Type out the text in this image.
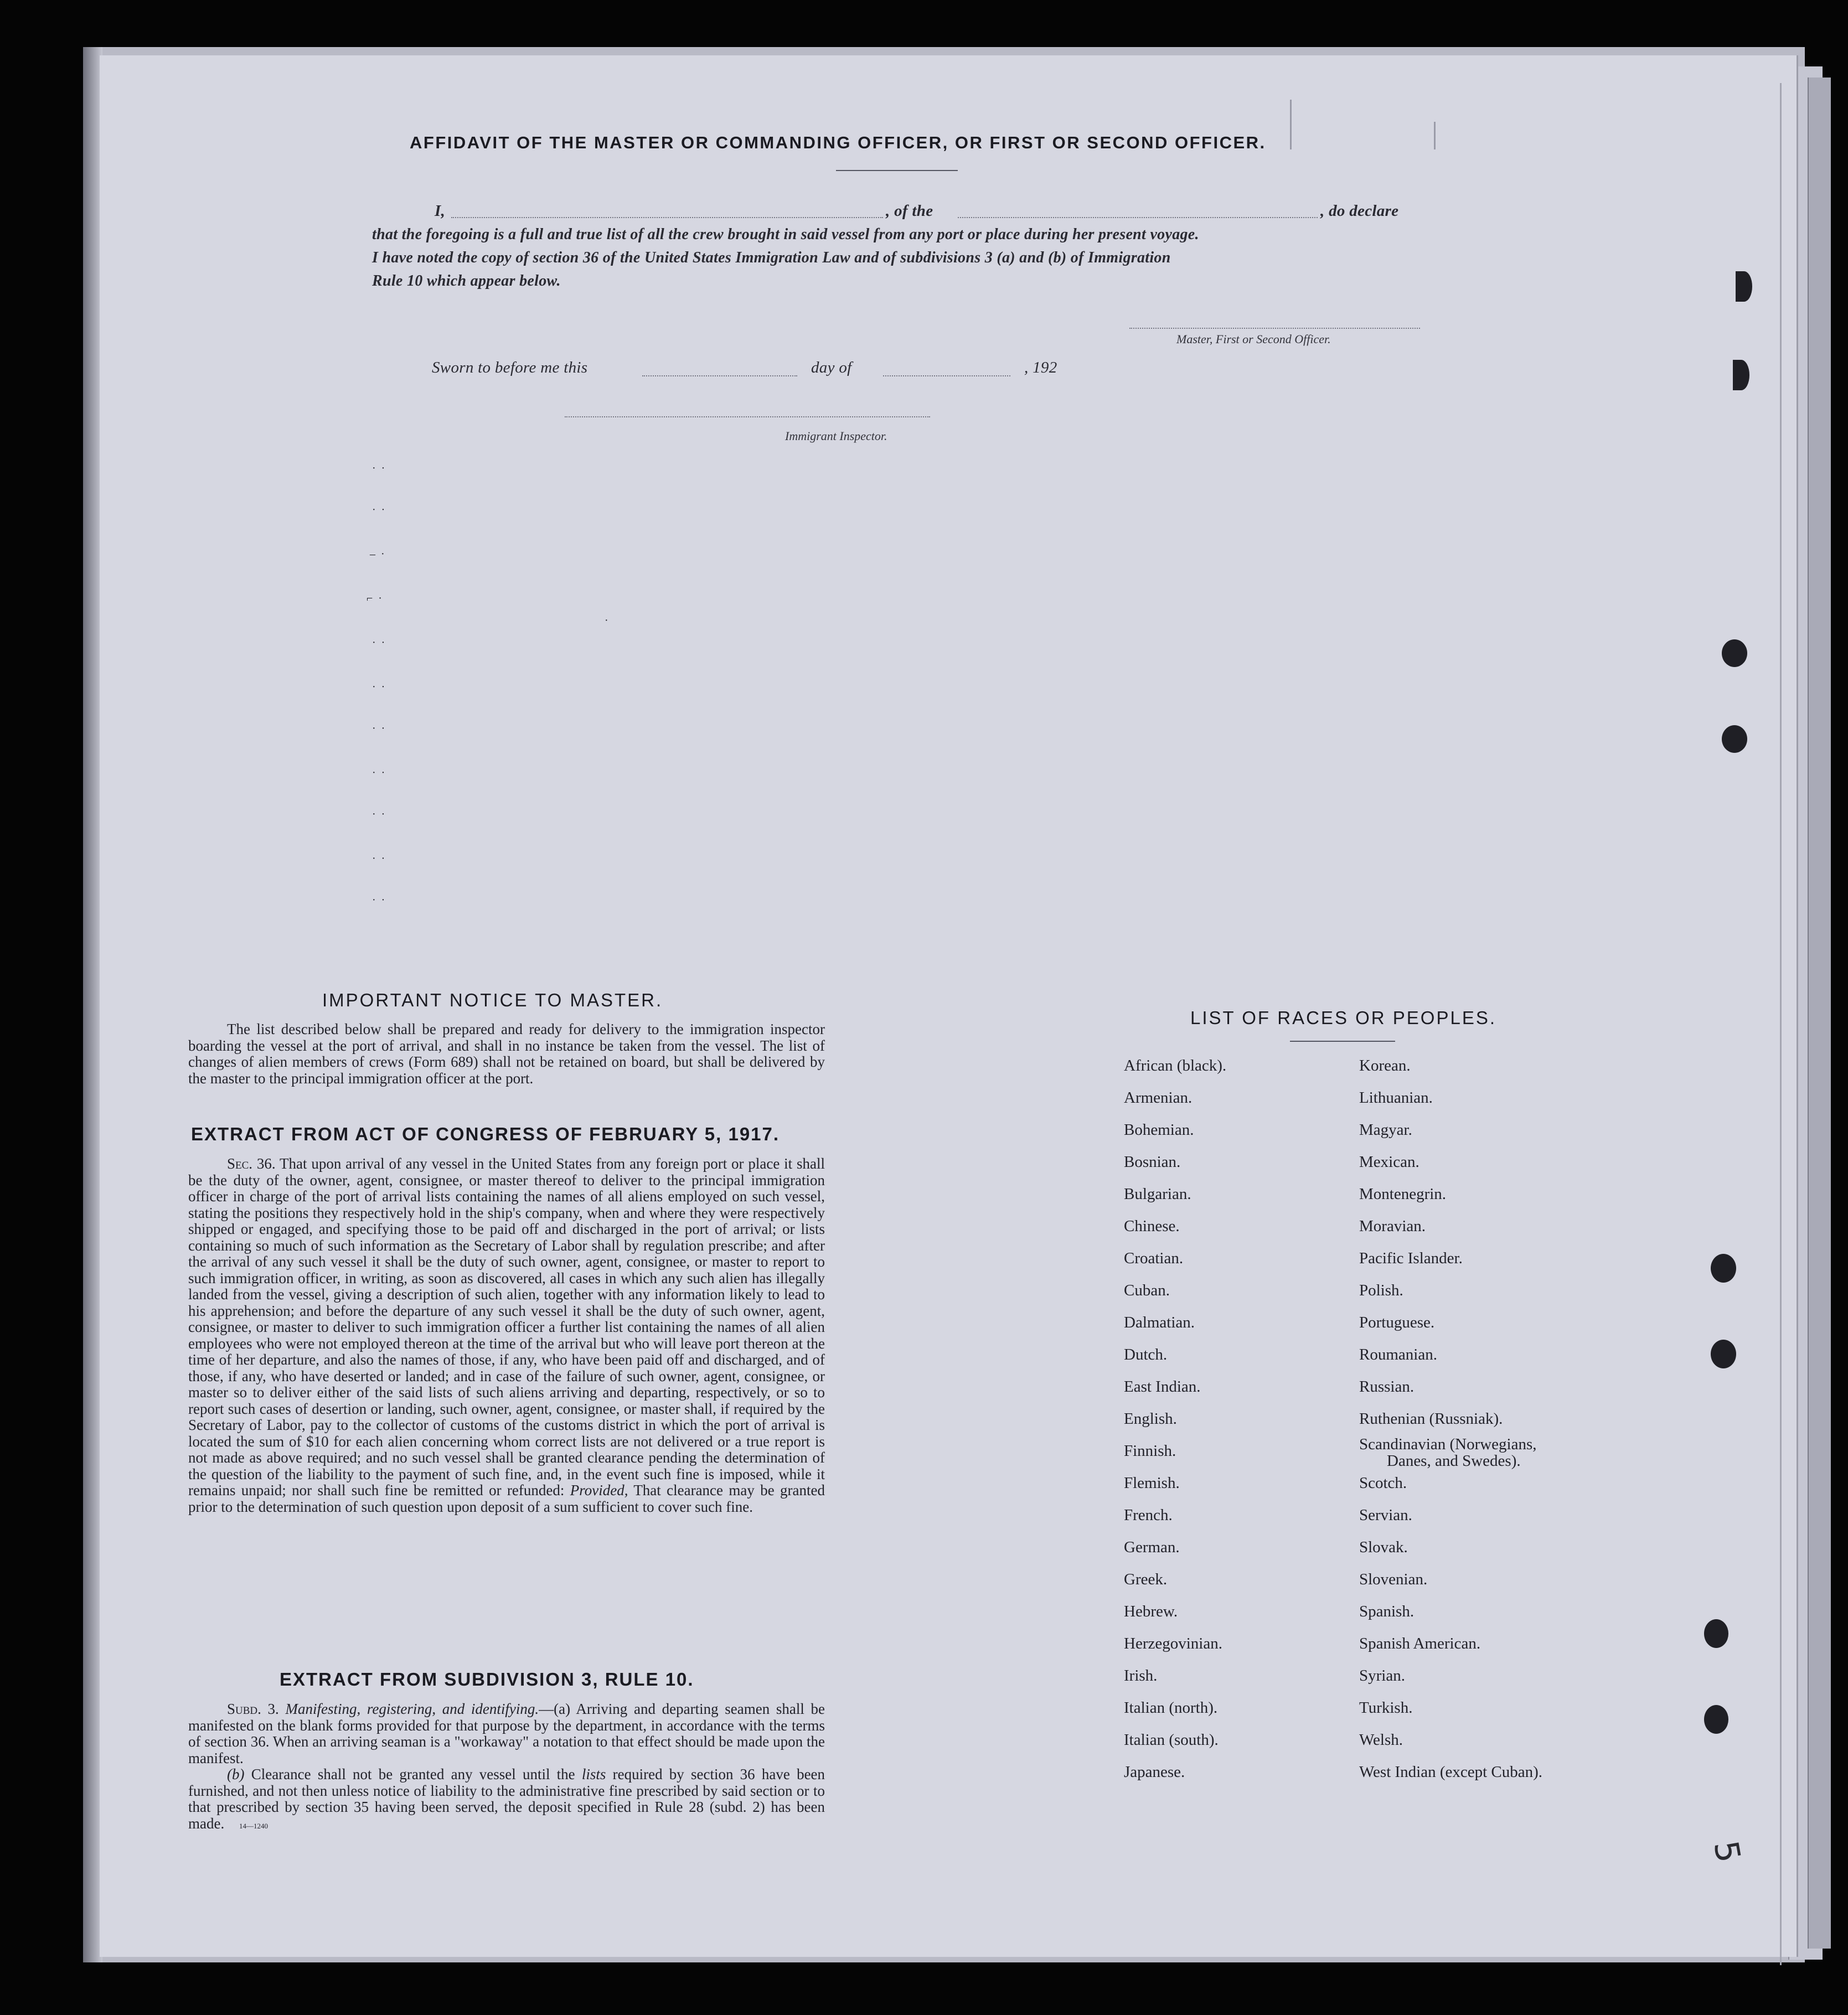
AFFIDAVIT OF THE MASTER OR COMMANDING OFFICER, OR FIRST OR SECOND OFFICER.
I,	, of the	, do declare
that the foregoing is a full and true list of all the crew brought in said vessel from any port or place during her present voyage.
I have noted the copy of section 36 of the United States Immigration Law and of subdivisions 3 (a) and (b) of Immigration
Rule 10 which appear below.
Master, First or Second Officer.
Sworn to before me this	day of	, 192
Immigrant Inspector.
·  ·
·  ·
–  ·
⌐  ·
·
·  ·
·  ·
·  ·
·  ·
·  ·
·  ·
·  ·
IMPORTANT NOTICE TO MASTER.

The list described below shall be prepared and ready for delivery to the immigration inspector boarding the vessel at the port of arrival, and shall in no instance be taken from the vessel. The list of changes of alien members of crews (Form 689) shall not be retained on board, but shall be delivered by the master to the principal immigration officer at the port.

EXTRACT FROM ACT OF CONGRESS OF FEBRUARY 5, 1917.

Sec. 36. That upon arrival of any vessel in the United States from any foreign port or place it shall be the duty of the owner, agent, consignee, or master thereof to deliver to the principal immigration officer in charge of the port of arrival lists containing the names of all aliens employed on such vessel, stating the positions they respectively hold in the ship's company, when and where they were respectively shipped or engaged, and specifying those to be paid off and discharged in the port of arrival; or lists containing so much of such information as the Secretary of Labor shall by regulation prescribe; and after the arrival of any such vessel it shall be the duty of such owner, agent, consignee, or master to report to such immigration officer, in writing, as soon as discovered, all cases in which any such alien has illegally landed from the vessel, giving a description of such alien, together with any information likely to lead to his apprehension; and before the departure of any such vessel it shall be the duty of such owner, agent, consignee, or master to deliver to such immigration officer a further list containing the names of all alien employees who were not employed thereon at the time of the arrival but who will leave port thereon at the time of her departure, and also the names of those, if any, who have been paid off and discharged, and of those, if any, who have deserted or landed; and in case of the failure of such owner, agent, consignee, or master so to deliver either of the said lists of such aliens arriving and departing, respectively, or so to report such cases of desertion or landing, such owner, agent, consignee, or master shall, if required by the Secretary of Labor, pay to the collector of customs of the customs district in which the port of arrival is located the sum of $10 for each alien concerning whom correct lists are not delivered or a true report is not made as above required; and no such vessel shall be granted clearance pending the determination of the question of the liability to the payment of such fine, and, in the event such fine is imposed, while it remains unpaid; nor shall such fine be remitted or refunded: Provided, That clearance may be granted prior to the determination of such question upon deposit of a sum sufficient to cover such fine.

EXTRACT FROM SUBDIVISION 3, RULE 10.

Subd. 3. Manifesting, registering, and identifying.—(a) Arriving and departing seamen shall be manifested on the blank forms provided for that purpose by the department, in accordance with the terms of section 36. When an arriving seaman is a "workaway" a notation to that effect should be made upon the manifest.

(b) Clearance shall not be granted any vessel until the lists required by section 36 have been furnished, and not then unless notice of liability to the administrative fine prescribed by said section or to that prescribed by section 35 having been served, the deposit specified in Rule 28 (subd. 2) has been made. 14—1240

LIST OF RACES OR PEOPLES.
African (black).
Armenian.
Bohemian.
Bosnian.
Bulgarian.
Chinese.
Croatian.
Cuban.
Dalmatian.
Dutch.
East Indian.
English.
Finnish.
Flemish.
French.
German.
Greek.
Hebrew.
Herzegovinian.
Irish.
Italian (north).
Italian (south).
Japanese.
Korean.
Lithuanian.
Magyar.
Mexican.
Montenegrin.
Moravian.
Pacific Islander.
Polish.
Portuguese.
Roumanian.
Russian.
Ruthenian (Russniak).
Scandinavian (Norwegians,
Danes, and Swedes).
Scotch.
Servian.
Slovak.
Slovenian.
Spanish.
Spanish American.
Syrian.
Turkish.
Welsh.
West Indian (except Cuban).
5
